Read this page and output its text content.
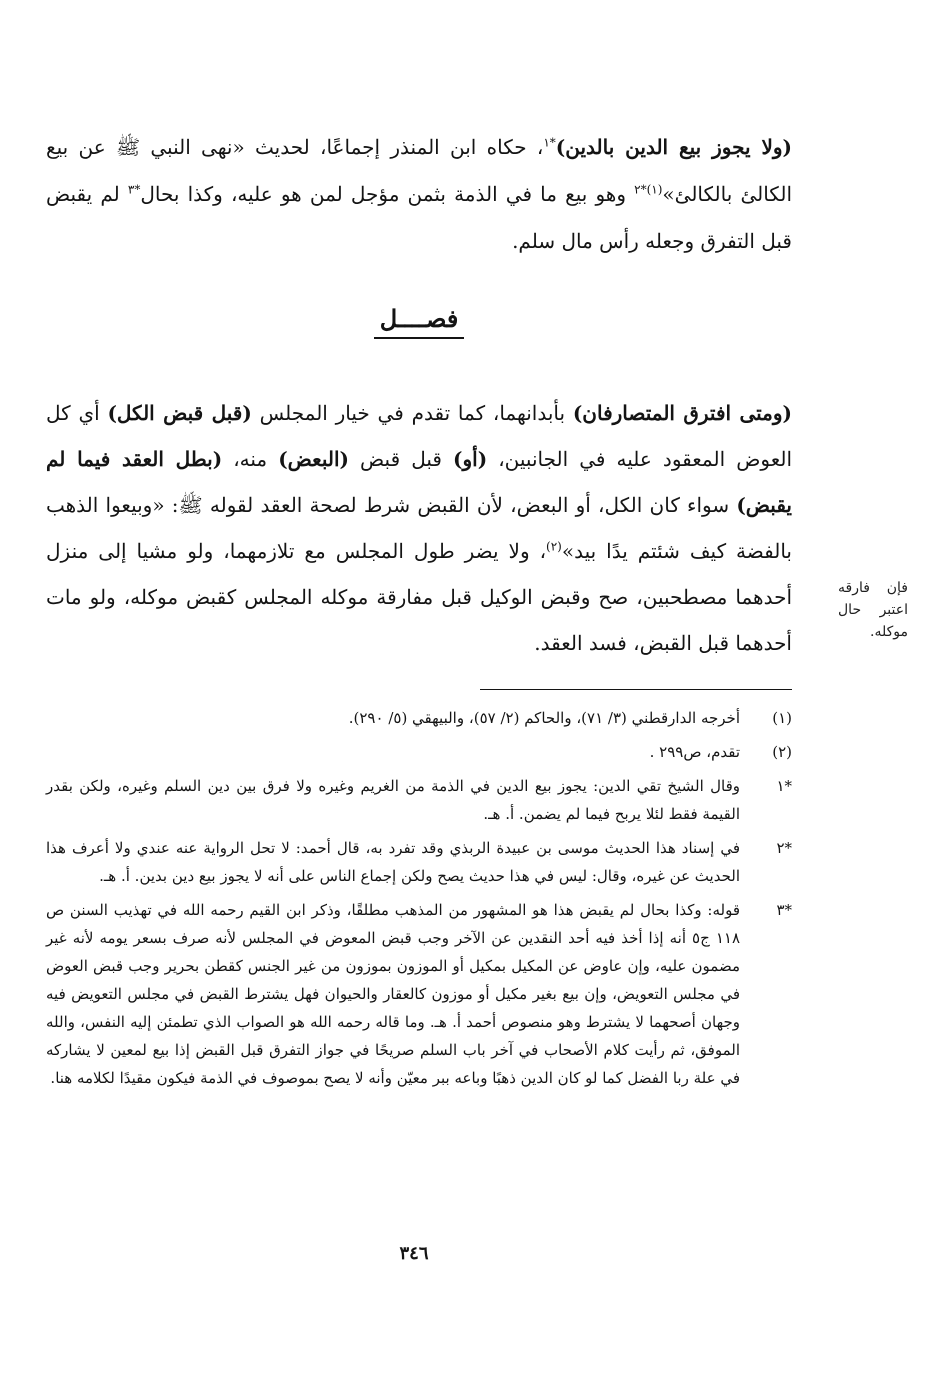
(ولا يجوز بيع الدين بالدين)$^{*١}$، حكاه ابن المنذر إجماعًا، لحديث «نهى النبي ﷺ عن بيع الكالئ بالكالئ»$^{(١)*٢}$ وهو بيع ما في الذمة بثمن مؤجل لمن هو عليه، وكذا بحال$^{*٣}$ لم يقبض قبل التفرق وجعله رأس مال سلم.

فصــــل

(ومتى افترق المتصارفان) بأبدانهما، كما تقدم في خيار المجلس (قبل قبض الكل) أي كل العوض المعقود عليه في الجانبين، (أو) قبل قبض (البعض) منه، (بطل العقد فيما لم يقبض) سواء كان الكل، أو البعض، لأن القبض شرط لصحة العقد لقوله ﷺ: «وبيعوا الذهب بالفضة كيف شئتم يدًا بيد»$^{(٢)}$، ولا يضر طول المجلس مع تلازمهما، ولو مشيا إلى منزل أحدهما مصطحبين، صح وقبض الوكيل قبل مفارقة موكله المجلس كقبض موكله، ولو مات أحدهما قبل القبض، فسد العقد.

فإن فارقه اعتبر حال موكله.
(١)
أخرجه الدارقطني (٣/ ٧١)، والحاكم (٢/ ٥٧)، والبيهقي (٥/ ٢٩٠).
(٢)
تقدم، ص٢٩٩ .
*١
وقال الشيخ تقي الدين: يجوز بيع الدين في الذمة من الغريم وغيره ولا فرق بين دين السلم وغيره، ولكن بقدر القيمة فقط لئلا يربح فيما لم يضمن. أ. هـ.
*٢
في إسناد هذا الحديث موسى بن عبيدة الربذي وقد تفرد به، قال أحمد: لا تحل الرواية عنه عندي ولا أعرف هذا الحديث عن غيره، وقال: ليس في هذا حديث يصح ولكن إجماع الناس على أنه لا يجوز بيع دين بدين. أ. هـ.
*٣
قوله: وكذا بحال لم يقبض هذا هو المشهور من المذهب مطلقًا، وذكر ابن القيم رحمه الله في تهذيب السنن ص ١١٨ ج٥ أنه إذا أخذ فيه أحد النقدين عن الآخر وجب قبض المعوض في المجلس لأنه صرف بسعر يومه لأنه غير مضمون عليه، وإن عاوض عن المكيل بمكيل أو الموزون بموزون من غير الجنس كقطن بحرير وجب قبض العوض في مجلس التعويض، وإن بيع بغير مكيل أو موزون كالعقار والحيوان فهل يشترط القبض في مجلس التعويض فيه وجهان أصحهما لا يشترط وهو منصوص أحمد أ. هـ. وما قاله رحمه الله هو الصواب الذي تطمئن إليه النفس، والله الموفق، ثم رأيت كلام الأصحاب في آخر باب السلم صريحًا في جواز التفرق قبل القبض إذا بيع لمعين لا يشاركه في علة ربا الفضل كما لو كان الدين ذهبًا وباعه ببر معيّن وأنه لا يصح بموصوف في الذمة فيكون مقيدًا لكلامه هنا.
٣٤٦
